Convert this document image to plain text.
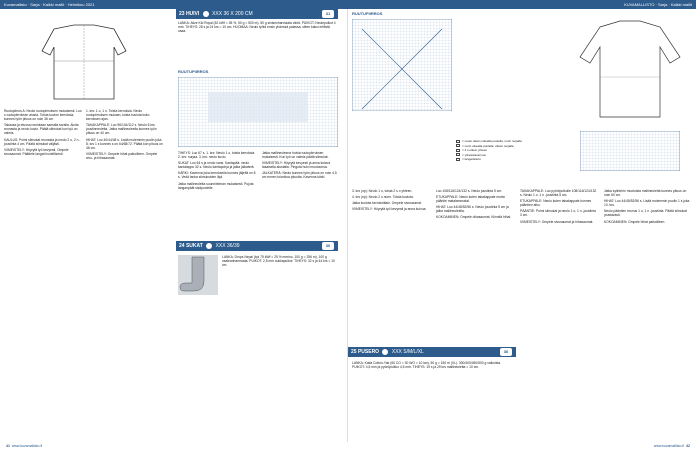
Kuvamallisto · Sarja · Kaikki mallit · Helmikuu 2021	KUVAMALLISTO · Sarja · Kaikki mallit

Ruutupiirros A: Neulo ruutupiirroksen mukaisesti. Luo s ruutupiirroksen alusta. Toista kuvion kerroksia, kunnes työn pituus on noin 36 cm.

Takaosa ja etuosa neulotaan samalla tavalla. Aloita reunasta ja neulo kuvio. Päätä silmukat kun työ on valmis.

KAULUS: Poimi silmukat reunasta ja neulo 2 o, 2 n -joustinta 4 cm. Päätä silmukat väljästi.

VIIMEISTELY: Höyrytä työ kevyesti. Ompele sivusaumat. Päättele langat huolellisesti.

1. krs: 1 o, 1 n. Toista kerroksia. Neulo ruutupiirroksen mukaan, toista kuviota koko kerroksen ajan.

TAKAKAPPALE: Luo 96/104/112 s. Neulo 6 krs joustinneuletta. Jatka mallineuleella kunnes työn pituus on 40 cm.

HIHAT: Luo 40/44/48 s. Lisää molemmin puolin joka 8. krs 1 s kunnes s on 64/68/72. Päätä kun pituus on 46 cm.

VIIMEISTELY: Ompele hihat paikoilleen. Ompele sivu- ja hihasaumat.

23 HUIVI	XXX 36 X 200 CM	31
LANKA: Alize Kid Royal (62 kWf = 38 %, 50 g = 500 m). 50 g sinisenharmaata väriä. PUIKOT: Neulepuikot 4 mm. TIHEYS: 28 s ja 24 krs = 10 cm. HUOMAA: Neulo työtä ensin yhdessä palassa, sitten kaksi erillistä osaa.
RUUTUPIIRROS

TIHEYS: Luo 67 s. 1. krs: Neulo 1 o, toista kerroksia. 2. krs: nurjaa. 3. krs: neulo kuvio.

SUKAT: Luo 64 s ja neulo varsi. Kantapää: neulo kantalappu 32 s. Neulo kantapohja ja jatka jalkaterä.

KÄRKI: Kavenna joka kerroksella kunnes jäljellä on 8 s. Vedä lanka silmukoiden läpi.

Jatka mallineuletta suunnitelman mukaisesti. Pujota langanpäät sisäpuolelle.

Jatka mallineuleena huivia ruutupiirroksen mukaisesti. Kun työ on valmis päätä silmukat.

VIIMEISTELY: Höyrytä kevyesti ja anna kuivua tasaisella alustalla. Pingota huivi muotoonsa.

JALKATERÄ: Neulo kunnes työn pituus on noin 4,5 cm ennen toivottua pituutta. Kavenna kärki.

24 SUKAT	XXX 36/39	30
LANKA: Drops Nepal (kpl 75 kWf = 25 % merino, 100 g = 256 m). 100 g vaaleanharmaata. PUIKOT: 2,5 mm sukkapuikot. TIHEYS: 32 s ja 44 krs = 10 cm.
RUUTUPIIRROS
= neulo oikein oikealla puolella, nurin nurjalla
= nurin oikealla puolella, oikein nurjalla
= 2 s oikein yhteen
= ylivetokavennus
= langankierto

3. krs (op): Neulo 1 o, toista 2 s o yhteen.

4. krs (np): Neulo 2 o nurin. Toista kuviota.

Jatka kuviota kerroksittain. Ompele sivusaumat.

VIIMEISTELY: Höyrytä työ kevyesti ja anna kuivua.

Luo 108/116/124/132 s. Neulo joustinta 5 cm.

ETUKAPPALE: Neulo kuten takakappale mutta pääntie matalammaksi.

HIHAT: Luo 44/48/52/56 s. Neulo joustinta 5 cm ja jatka mallineuleella.

KOKOAMINEN: Ompele olkasaumat. Kiinnitä hihat.

TAKAKAPPALE: Luo pyöröpuikolle 108/116/124/132 s. Neulo 1 o, 1 n -joustinta 5 cm.

ETUKAPPALE: Neulo kuten takakappale kunnes pääntien alku.

PÄÄNTIE: Poimi silmukat ja neulo 1 o, 1 n -joustinta 3 cm.

VIIMEISTELY: Ompele sivusaumat ja hihasaumat.

Jatka sylinterin muotoista mallineuletta kunnes pituus on noin 60 cm.

HIHAT: Luo 44/48/52/56 s. Lisää molemmin puolin 1 s joka 10. krs.

Neulo pääntien reunus 1 o, 1 n -joustinta. Päätä silmukat joustavasti.

KOKOAMINEN: Ompele hihat paikoilleen.

25 PUSERO	XXX S/M/L/XL	36
LANKA: Katia Cotton-Yak (60 CO = 30 WO = 10 lan), 50 g = 150 m (XL). 300/400/450/500 g valkoista. PUIKOT: 4,5 mm ja pyöröpuikko 4,5 mm. TIHEYS: 19 s ja 29 krs mallineuletta = 10 cm.
41 www.kuvamallisto.fi	www.kuvamallisto.fi 42
